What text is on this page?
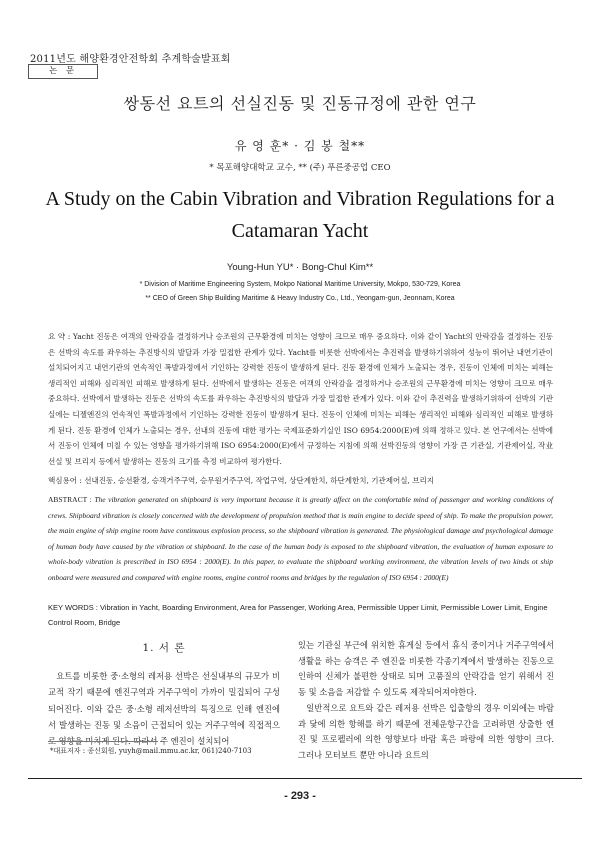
2011년도 해양환경안전학회 추계학술발표회
논 문
쌍동선 요트의 선실진동 및 진동규정에 관한 연구
유 영 훈* · 김 봉 철**
* 목포해양대학교 교수, ** (주) 푸른중공업 CEO
A Study on the Cabin Vibration and Vibration Regulations for a Catamaran Yacht
Young-Hun YU* · Bong-Chul Kim**
* Division of Maritime Engineering System, Mokpo National Maritime University, Mokpo, 530-729, Korea
** CEO of Green Ship Building Maritime & Heavy Industry Co., Ltd., Yeongam-gun, Jeonnam, Korea
요 약 : Yacht 진동은 여객의 안락감을 결정하거나 승조원의 근무환경에 미치는 영향이 크므로 매우 중요하다. 이와 같이 Yacht의 안락감을 결정하는 진동은 선박의 속도를 좌우하는 추진방식의 발달과 가장 밀접한 관계가 있다. Yacht를 비롯한 선박에서는 추진력을 발생하기위하여 성능이 뛰어난 내연기관이 설치되어지고 내연기관의 연속적인 폭발과정에서 기인하는 강력한 진동이 발생하게 된다. 진동 환경에 인체가 노출되는 경우, 진동이 인체에 미치는 피해는 생리적인 피해와 심리적인 피해로 발생하게 된다. 선박에서 발생하는 진동은 여객의 안락감을 결정하거나 승조원의 근무환경에 미치는 영향이 크므로 매우 중요하다. 선박에서 발생하는 진동은 선박의 속도를 좌우하는 추진방식의 발달과 가장 밀접한 관계가 있다. 이와 같이 추진력을 발생하기위하여 선박의 기관실에는 디젤엔진의 연속적인 폭발과정에서 기인하는 강력한 진동이 발생하게 된다. 진동이 인체에 미치는 피해는 생리적인 피해와 심리적인 피해로 발생하게 된다. 진동 환경에 인체가 노출되는 경우, 선내의 진동에 대한 평가는 국제표준화기실인 ISO 6954:2000(E)에 의해 정하고 있다. 본 연구에서는 선박에서 진동이 인체에 미칠 수 있는 영향을 평가하기위해 ISO 6954:2000(E)에서 규정하는 지침에 의해 선박진동의 영향이 가장 큰 기관실, 기관제어실, 작业선실 및 브리지 등에서 발생하는 진동의 크기를 측정 비교하여 평가한다.
핵심용어 : 선내진동, 승선환경, 승객거주구역, 승무원거주구역, 작업구역, 상단계한치, 하단계한치, 기관제어실, 브리지
ABSTRACT : The vibration generated on shipboard is very important because it is greatly affect on the comfortable mind of passenger and working conditions of crews. Shipboard vibration is closely concerned with the development of propulsion method that is main engine to decide speed of ship. To make the propulsion power, the main engine of ship engine room have continuous explosion process, so the shipboard vibration is generated. The physiological damage and psychological damage of human body have caused by the vibration ot shipboard. In the case of the human body is exposed to the shipboard vibration, the evaluation of human exposure to whole-body vibration is prescribed in ISO 6954 : 2000(E). In this paper, to evaluate the shipboard working environment, the vibration levels of two kinds ot ship onboard were measured and compared with engine rooms, engine control rooms and bridges by the regulation of ISO 6954 : 2000(E)
KEY WORDS : Vibration in Yacht, Boarding Environment, Area for Passenger, Working Area, Permissible Upper Limit, Permissible Lower Limit, Engine Control Room, Bridge
1. 서 론
요트를 비롯한 중·소형의 레저용 선박은 선실내부의 규모가 비교적 작기 때문에 엔진구역과 거주구역이 가까이 밀집되어 구성되어진다. 이와 같은 중·소형 레저선박의 특징으로 인해 엔진에서 발생하는 진동 및 소음이 근접되어 있는 거주구역에 직접적으로 영향을 미치게 된다. 따라서 주 엔진이 설치되어
있는 기관실 부근에 위치한 휴게실 등에서 휴식 중이거나 거주구역에서 생활을 하는 승객은 주 엔진을 비롯한 각종기계에서 발생하는 진동으로 인하여 신체가 불편한 상태로 되며 고품질의 안락감을 얻기 위해서 진동 및 소음을 저감할 수 있도록 제작되어져야한다.
일반적으로 요트와 같은 레저용 선박은 입출항의 경우 이외에는 바람과 닻에 의한 항해를 하기 때문에 전체운항구간을 고려하면 상출한 엔진 및 프로펠러에 의한 영향보다 바람 혹은 파랑에 의한 영향이 크다. 그러나 모터보트 뿐만 아니라 요트의
*대표저자 : 종신회원, yuyh@mail.mmu.ac.kr, 061)240-7103
- 293 -
